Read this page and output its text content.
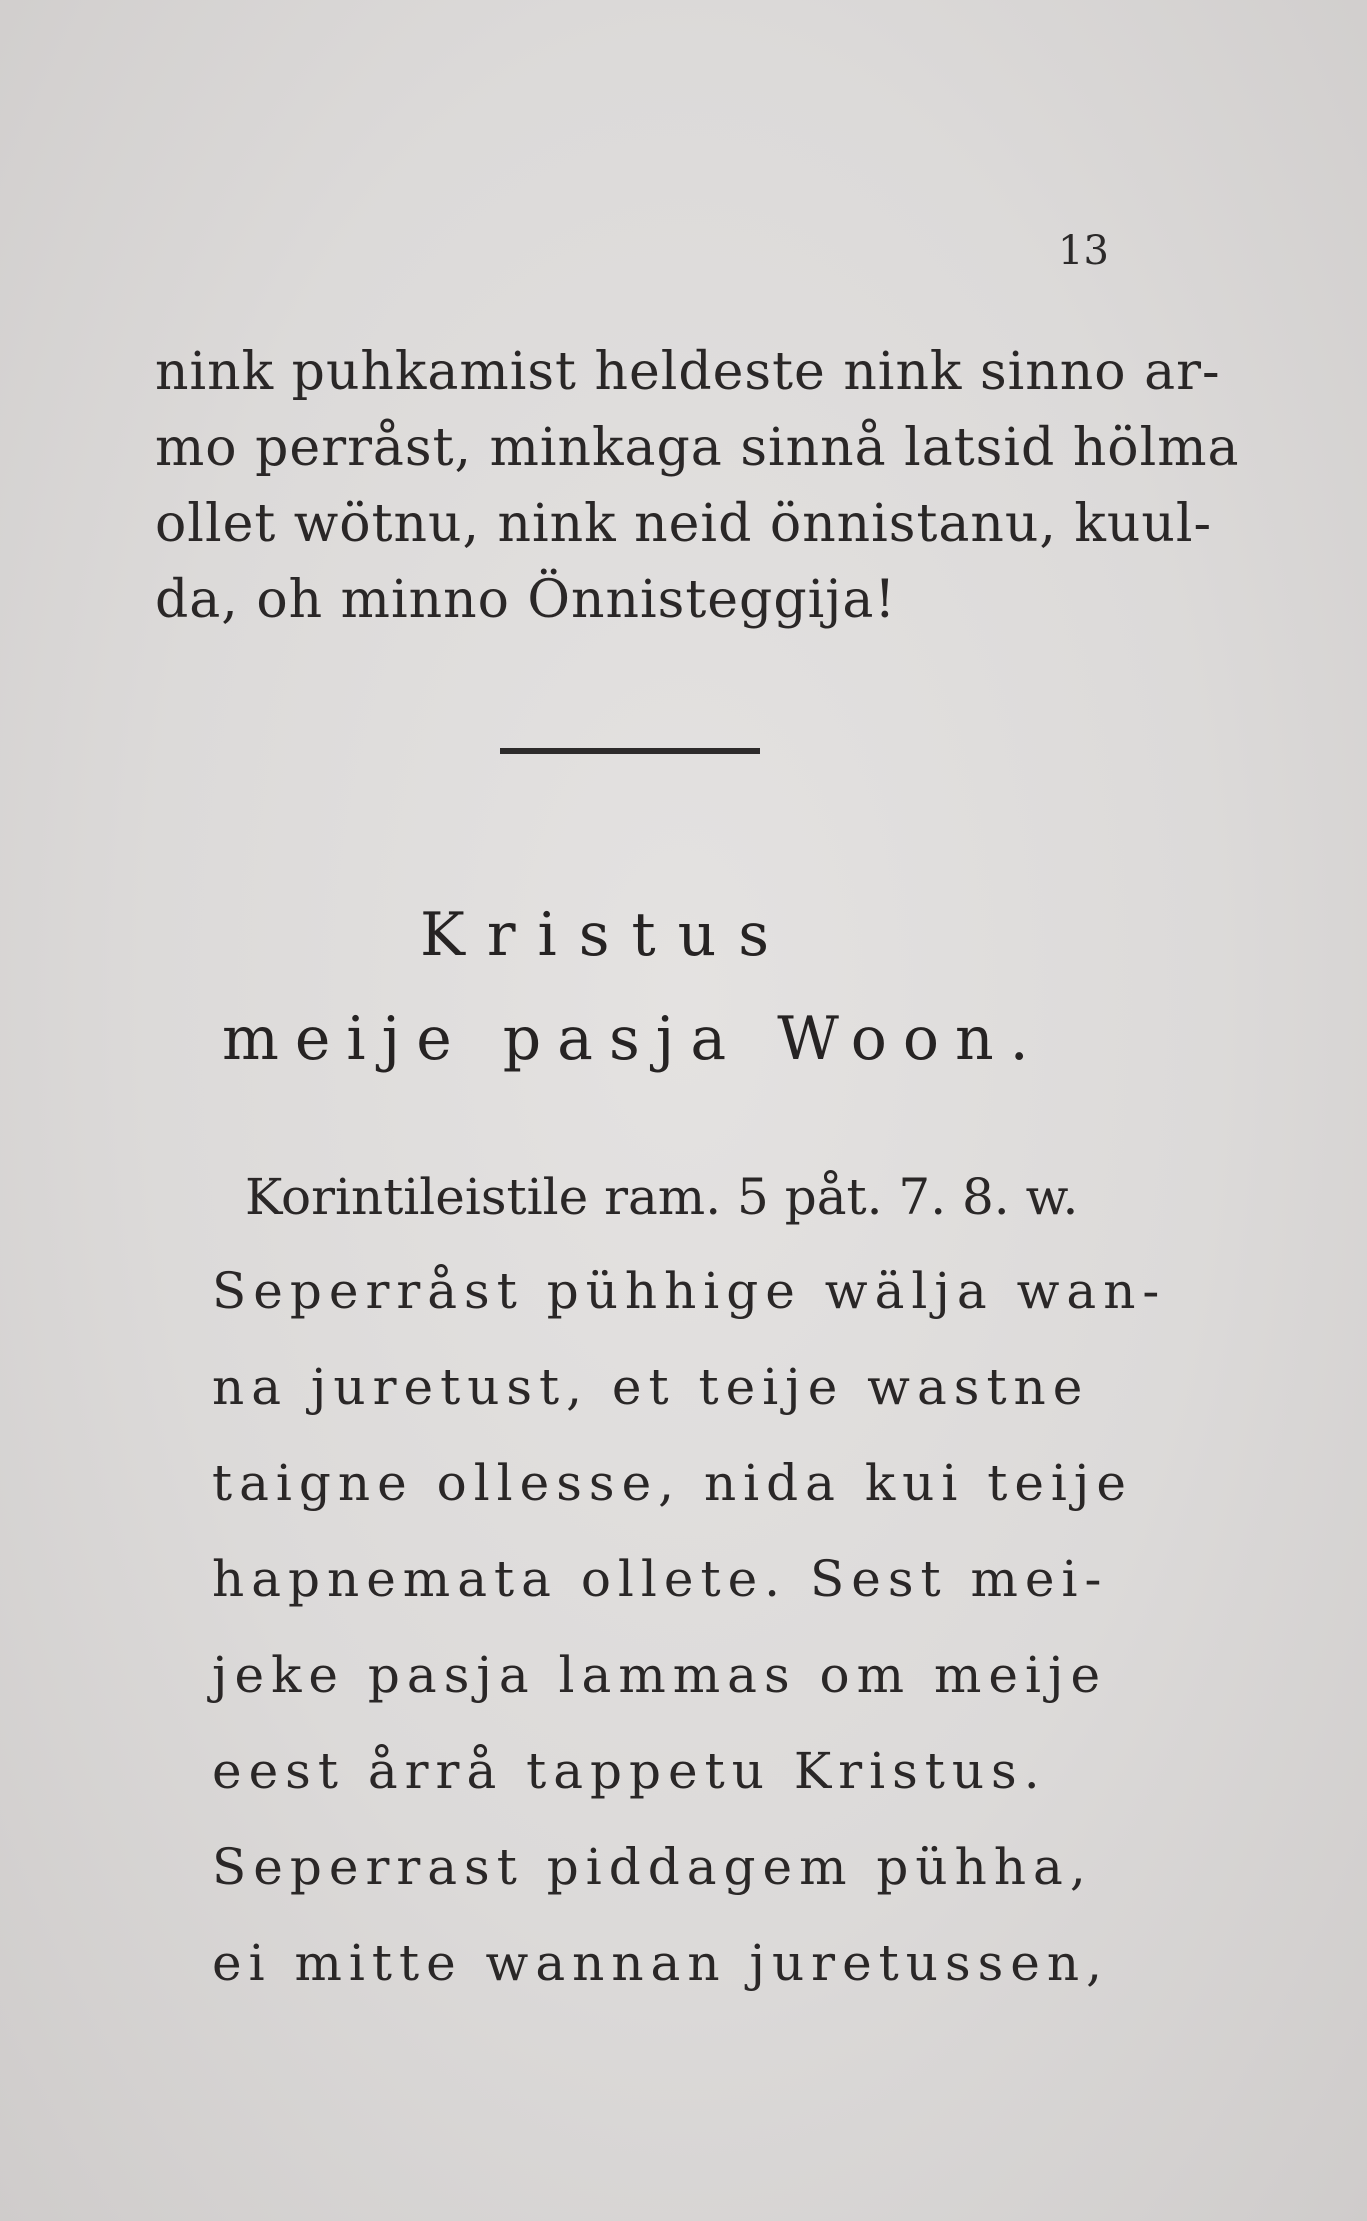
13
nink puhkamist heldeste nink sinno ar-
mo perråst, minkaga sinnå latsid hölma
ollet wötnu, nink neid önnistanu, kuul-
da, oh minno Önnisteggija!
Kristus
meije pasja Woon.
Korintileistile ram. 5 påt. 7. 8. w.
Seperråst pühhige wälja wan-
na juretust, et teije wastne
taigne ollesse, nida kui teije
hapnemata ollete. Sest mei-
jeke pasja lammas om meije
eest årrå tappetu Kristus.
Seperrast piddagem pühha,
ei mitte wannan juretussen,
